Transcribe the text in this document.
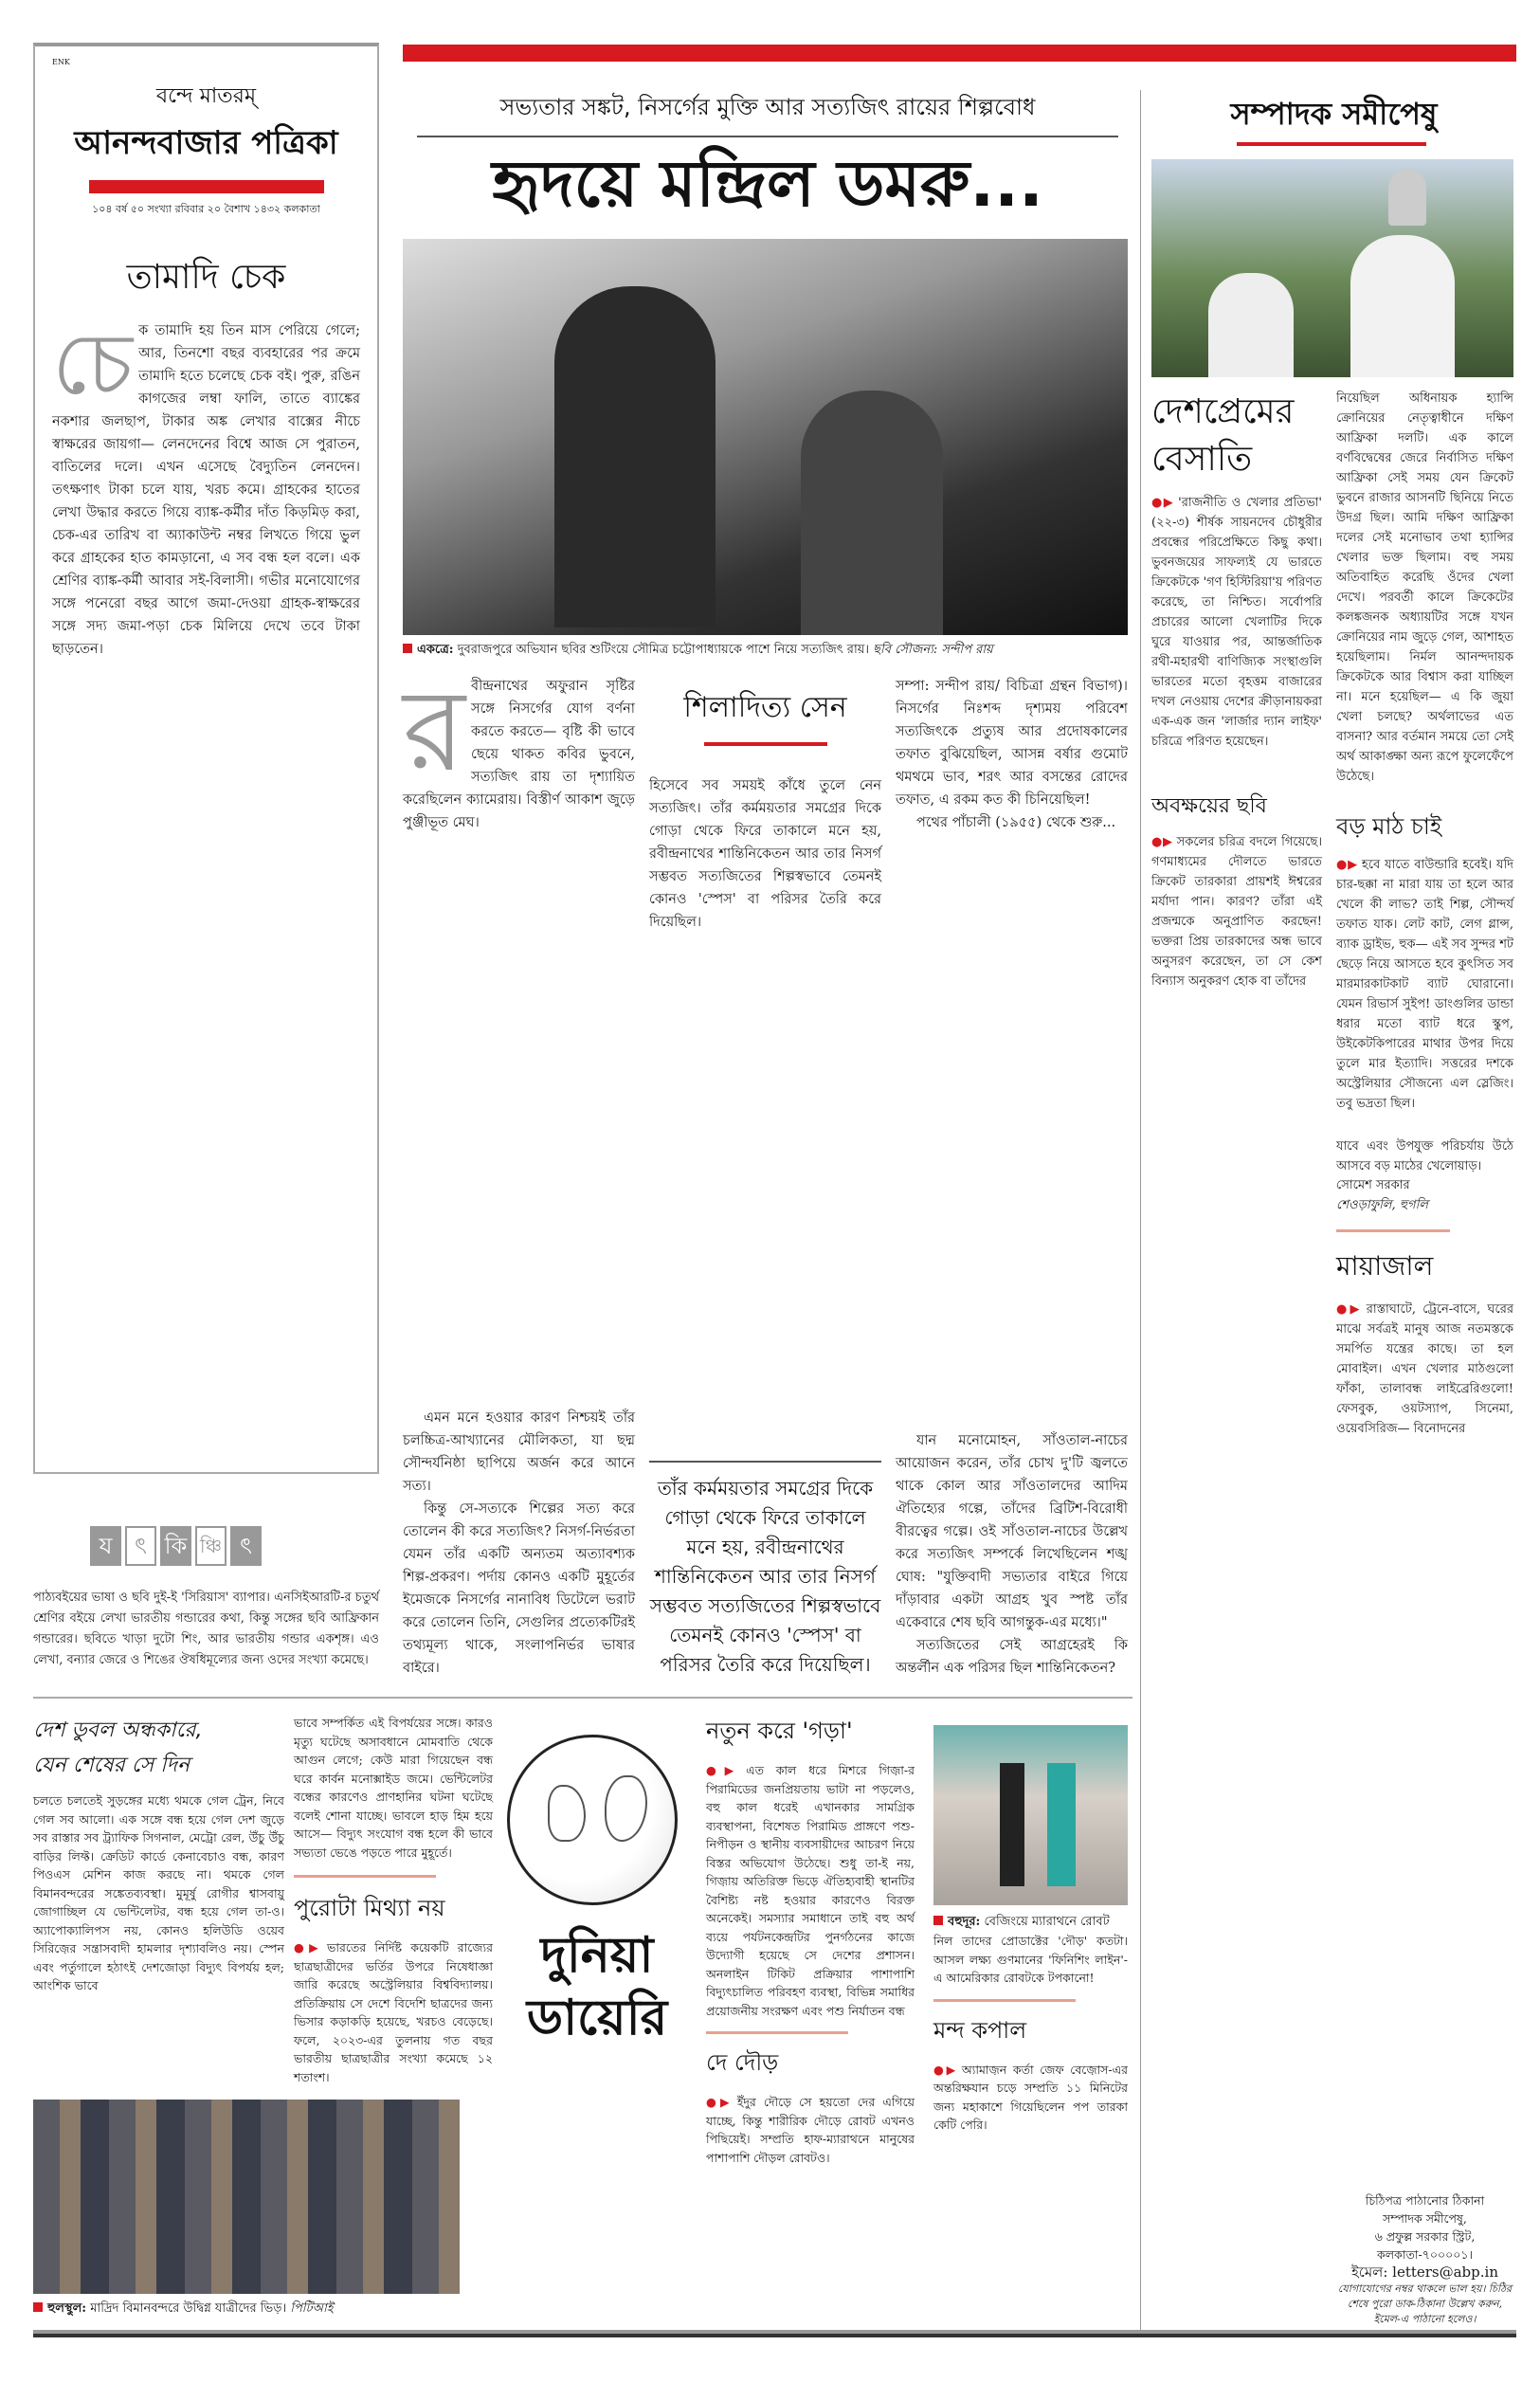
ENK
বন্দে মাতরম্
আনন্দবাজার পত্রিকা
১০৪ বর্ষ ৫০ সংখ্যা রবিবার ২০ বৈশাখ ১৪৩২ কলকাতা
তামাদি চেক
চে ক তামাদি হয় তিন মাস পেরিয়ে গেলে; আর, তিনশো বছর ব্যবহারের পর ক্রমে তামাদি হতে চলেছে চেক বই। পুরু, রঙিন কাগজের লম্বা ফালি, তাতে ব্যাঙ্কের নকশার জলছাপ, টাকার অঙ্ক লেখার বাক্সের নীচে স্বাক্ষরের জায়গা— লেনদেনের বিশ্বে আজ সে পুরাতন, বাতিলের দলে। এখন এসেছে বৈদ্যুতিন লেনদেন। তৎক্ষণাৎ টাকা চলে যায়, খরচ কমে। গ্রাহকের হাতের লেখা উদ্ধার করতে গিয়ে ব্যাঙ্ক-কর্মীর দাঁত কিড়মিড় করা, চেক-এর তারিখ বা অ্যাকাউন্ট নম্বর লিখতে গিয়ে ভুল করে গ্রাহকের হাত কামড়ানো, এ সব বন্ধ হল বলে। এক শ্রেণির ব্যাঙ্ক-কর্মী আবার সই-বিলাসী। গভীর মনোযোগের সঙ্গে পনেরো বছর আগে জমা-দেওয়া গ্রাহক-স্বাক্ষরের সঙ্গে সদ্য জমা-পড়া চেক মিলিয়ে দেখে তবে টাকা ছাড়তেন।
য ৎ কি ঞ্চি ৎ
পাঠ্যবইয়ের ভাষা ও ছবি দুই-ই 'সিরিয়াস' ব্যাপার। এনসিইআরটি-র চতুর্থ শ্রেণির বইয়ে লেখা ভারতীয় গন্ডারের কথা, কিন্তু সঙ্গের ছবি আফ্রিকান গন্ডারের। ছবিতে খাড়া দুটো শিং, আর ভারতীয় গন্ডার একশৃঙ্গ। এও লেখা, বন্যার জেরে ও শিঙের ঔষধিমূল্যের জন্য ওদের সংখ্যা কমেছে।
সভ্যতার সঙ্কট, নিসর্গের মুক্তি আর সত্যজিৎ রায়ের শিল্পবোধ
হৃদয়ে মন্দ্রিল ডমরু...
একত্রে: দুবরাজপুরে অভিযান ছবির শুটিংয়ে সৌমিত্র চট্টোপাধ্যায়কে পাশে নিয়ে সত্যজিৎ রায়। ছবি সৌজন্য: সন্দীপ রায়
র বীন্দ্রনাথের অফুরান সৃষ্টির সঙ্গে নিসর্গের যোগ বর্ণনা করতে করতে— বৃষ্টি কী ভাবে ছেয়ে থাকত কবির ভুবনে, সত্যজিৎ রায় তা দৃশ্যায়িত করেছিলেন ক্যামেরায়। বিস্তীর্ণ আকাশ জুড়ে পুঞ্জীভূত মেঘ।

এমন মনে হওয়ার কারণ নিশ্চয়ই তাঁর চলচ্চিত্র-আখ্যানের মৌলিকতা, যা ছদ্ম সৌন্দর্যনিষ্ঠা ছাপিয়ে অর্জন করে আনে সত্য।

কিন্তু সে-সত্যকে শিল্পের সত্য করে তোলেন কী করে সত্যজিৎ? নিসর্গ-নির্ভরতা যেমন তাঁর একটি অন্যতম অত্যাবশ্যক শিল্প-প্রকরণ। পর্দায় কোনও একটি মুহূর্তের ইমেজকে নিসর্গের নানাবিধ ডিটেলে ভরাট করে তোলেন তিনি, সেগুলির প্রত্যেকটিরই তথ্যমূল্য থাকে, সংলাপনির্ভর ভাষার বাইরে।

শিলাদিত্য সেন
হিসেবে সব সময়ই কাঁধে তুলে নেন সত্যজিৎ। তাঁর কর্মময়তার সমগ্রের দিকে গোড়া থেকে ফিরে তাকালে মনে হয়, রবীন্দ্রনাথের শান্তিনিকেতন আর তার নিসর্গ সম্ভবত সত্যজিতের শিল্পস্বভাবে তেমনই কোনও 'স্পেস' বা পরিসর তৈরি করে দিয়েছিল।
তাঁর কর্মময়তার সমগ্রের দিকে গোড়া থেকে ফিরে তাকালে মনে হয়, রবীন্দ্রনাথের শান্তিনিকেতন আর তার নিসর্গ সম্ভবত সত্যজিতের শিল্পস্বভাবে তেমনই কোনও 'স্পেস' বা পরিসর তৈরি করে দিয়েছিল।

সম্পা: সন্দীপ রায়/ বিচিত্রা গ্রন্থন বিভাগ)। নিসর্গের নিঃশব্দ দৃশ্যময় পরিবেশ সত্যজিৎকে প্রত্যুষ আর প্রদোষকালের তফাত বুঝিয়েছিল, আসন্ন বর্ষার গুমোট থমথমে ভাব, শরৎ আর বসন্তের রোদের তফাত, এ রকম কত কী চিনিয়েছিল!

পথের পাঁচালী (১৯৫৫) থেকে শুরু...

যান মনোমোহন, সাঁওতাল-নাচের আয়োজন করেন, তাঁর চোখ দু'টি জ্বলতে থাকে কোল আর সাঁওতালদের আদিম ঐতিহ্যের গল্পে, তাঁদের ব্রিটিশ-বিরোধী বীরত্বের গল্পে। ওই সাঁওতাল-নাচের উল্লেখ করে সত্যজিৎ সম্পর্কে লিখেছিলেন শঙ্খ ঘোষ: "যুক্তিবাদী সভ্যতার বাইরে গিয়ে দাঁড়াবার একটা আগ্রহ খুব স্পষ্ট তাঁর একেবারে শেষ ছবি আগন্তুক-এর মধ্যে।"

সত্যজিতের সেই আগ্রহেরই কি অন্তর্লীন এক পরিসর ছিল শান্তিনিকেতন?

সম্পাদক সমীপেষু
দেশপ্রেমের বেসাতি
●▶ 'রাজনীতি ও খেলার প্রতিভা' (২২-৩) শীর্ষক সায়নদেব চৌধুরীর প্রবন্ধের পরিপ্রেক্ষিতে কিছু কথা। ভুবনজয়ের সাফল্যই যে ভারতে ক্রিকেটকে 'গণ হিস্টিরিয়া'য় পরিণত করেছে, তা নিশ্চিত। সর্বোপরি প্রচারের আলো খেলাটির দিকে ঘুরে যাওয়ার পর, আন্তর্জাতিক রথী-মহারথী বাণিজ্যিক সংস্থাগুলি ভারতের মতো বৃহত্তম বাজারের দখল নেওয়ায় দেশের ক্রীড়ানায়করা এক-এক জন 'লার্জার দ্যান লাইফ' চরিত্রে পরিণত হয়েছেন।
অবক্ষয়ের ছবি
●▶ সকলের চরিত্র বদলে গিয়েছে। গণমাধ্যমের দৌলতে ভারতে ক্রিকেট তারকারা প্রায়শই ঈশ্বরের মর্যাদা পান। কারণ? তাঁরা এই প্রজন্মকে অনুপ্রাণিত করছেন! ভক্তরা প্রিয় তারকাদের অন্ধ ভাবে অনুসরণ করেছেন, তা সে কেশ বিন্যাস অনুকরণ হোক বা তাঁদের
নিয়েছিল অধিনায়ক হ্যান্সি ক্রোনিয়ের নেতৃত্বাধীনে দক্ষিণ আফ্রিকা দলটি। এক কালে বর্ণবিদ্বেষের জেরে নির্বাসিত দক্ষিণ আফ্রিকা সেই সময় যেন ক্রিকেট ভুবনে রাজার আসনটি ছিনিয়ে নিতে উদগ্র ছিল। আমি দক্ষিণ আফ্রিকা দলের সেই মনোভাব তথা হ্যান্সির খেলার ভক্ত ছিলাম। বহু সময় অতিবাহিত করেছি ওঁদের খেলা দেখে। পরবর্তী কালে ক্রিকেটের কলঙ্কজনক অধ্যায়টির সঙ্গে যখন ক্রোনিয়ের নাম জুড়ে গেল, আশাহত হয়েছিলাম। নির্মল আনন্দদায়ক ক্রিকেটকে আর বিশ্বাস করা যাচ্ছিল না। মনে হয়েছিল— এ কি জুয়া খেলা চলছে? অর্থলাভের এত বাসনা? আর বর্তমান সময়ে তো সেই অর্থ আকাঙ্ক্ষা অন্য রূপে ফুলেফেঁপে উঠেছে।
বড় মাঠ চাই
●▶ হবে যাতে বাউন্ডারি হবেই। যদি চার-ছক্কা না মারা যায় তা হলে আর খেলে কী লাভ? তাই শিল্প, সৌন্দর্য তফাত যাক। লেট কাট, লেগ গ্লান্স, ব্যাক ড্রাইভ, হুক— এই সব সুন্দর শট ছেড়ে নিয়ে আসতে হবে কুৎসিত সব মারমারকাটকাট ব্যাট ঘোরানো। যেমন রিভার্স সুইপ! ডাংগুলির ডান্ডা ধরার মতো ব্যাট ধরে স্কুপ, উইকেটকিপারের মাথার উপর দিয়ে তুলে মার ইত্যাদি। সত্তরের দশকে অস্ট্রেলিয়ার সৌজন্যে এল স্লেজিং। তবু ভদ্রতা ছিল।
যাবে এবং উপযুক্ত পরিচর্যায় উঠে আসবে বড় মাঠের খেলোয়াড়।
সোমেশ সরকার
শেওড়াফুলি, হুগলি
মায়াজাল
●▶ রাস্তাঘাটে, ট্রেনে-বাসে, ঘরের মাঝে সর্বত্রই মানুষ আজ নতমস্তকে সমর্পিত যন্ত্রের কাছে। তা হল মোবাইল। এখন খেলার মাঠগুলো ফাঁকা, তালাবন্ধ লাইব্রেরিগুলো! ফেসবুক, ওয়টস্যাপ, সিনেমা, ওয়েবসিরিজ— বিনোদনের
চিঠিপত্র পাঠানোর ঠিকানা
সম্পাদক সমীপেষু,
৬ প্রফুল্ল সরকার স্ট্রিট,
কলকাতা-৭০০০০১।
ইমেল: letters@abp.in
যোগাযোগের নম্বর থাকলে ভাল হয়। চিঠির শেষে পুরো ডাক-ঠিকানা উল্লেখ করুন, ইমেল-এ পাঠানো হলেও।
দেশ ডুবল অন্ধকারে,
যেন শেষের সে দিন
চলতে চলতেই সুড়ঙ্গের মধ্যে থমকে গেল ট্রেন, নিবে গেল সব আলো। এক সঙ্গে বন্ধ হয়ে গেল দেশ জুড়ে সব রাস্তার সব ট্র্যাফিক সিগনাল, মেট্রো রেল, উঁচু উঁচু বাড়ির লিফ্ট। ক্রেডিট কার্ডে কেনাবেচাও বন্ধ, কারণ পিওএস মেশিন কাজ করছে না। থমকে গেল বিমানবন্দরের সঙ্কেতব্যবস্থা। মুমূর্ষু রোগীর শ্বাসবায়ু জোগাচ্ছিল যে ভেন্টিলেটর, বন্ধ হয়ে গেল তা-ও। অ্যাপোক্যালিপস নয়, কোনও হলিউডি ওয়েব সিরিজ়ের সন্ত্রাসবাদী হামলার দৃশ্যাবলিও নয়। স্পেন এবং পর্তুগালে হঠাৎই দেশজোড়া বিদ্যুৎ বিপর্যয় হল; আংশিক ভাবে
ভাবে সম্পর্কিত এই বিপর্যয়ের সঙ্গে। কারও মৃত্যু ঘটেছে অসাবধানে মোমবাতি থেকে আগুন লেগে; কেউ মারা গিয়েছেন বন্ধ ঘরে কার্বন মনোক্সাইড জমে। ভেন্টিলেটর বন্ধের কারণেও প্রাণহানির ঘটনা ঘটেছে বলেই শোনা যাচ্ছে। ভাবলে হাড় হিম হয়ে আসে— বিদ্যুৎ সংযোগ বন্ধ হলে কী ভাবে সভ্যতা ভেঙে পড়তে পারে মুহূর্তে।
পুরোটা মিথ্যা নয়
●▶ ভারতের নির্দিষ্ট কয়েকটি রাজ্যের ছাত্রছাত্রীদের ভর্তির উপরে নিষেধাজ্ঞা জারি করেছে অস্ট্রেলিয়ার বিশ্ববিদ্যালয়। প্রতিক্রিয়ায় সে দেশে বিদেশি ছাত্রদের জন্য ভিসার কড়াকড়ি হয়েছে, খরচও বেড়েছে। ফলে, ২০২৩-এর তুলনায় গত বছর ভারতীয় ছাত্রছাত্রীর সংখ্যা কমেছে ১২ শতাংশ।
হুলস্থুল: মাদ্রিদ বিমানবন্দরে উদ্বিগ্ন যাত্রীদের ভিড়। পিটিআই
দুনিয়া
ডায়েরি
নতুন করে 'গড়া'
●▶ এত কাল ধরে মিশরে গিজ়া-র পিরামিডের জনপ্রিয়তায় ভাটা না পড়লেও, বহু কাল ধরেই এখানকার সামগ্রিক ব্যবস্থাপনা, বিশেষত পিরামিড প্রাঙ্গণে পশু-নিপীড়ন ও স্থানীয় ব্যবসায়ীদের আচরণ নিয়ে বিস্তর অভিযোগ উঠেছে। শুধু তা-ই নয়, গিজ়ায় অতিরিক্ত ভিড়ে ঐতিহ্যবাহী স্থানটির বৈশিষ্ট্য নষ্ট হওয়ার কারণেও বিরক্ত অনেকেই। সমস্যার সমাধানে তাই বহু অর্থ ব্যয়ে পর্যটনকেন্দ্রটির পুনর্গঠনের কাজে উদ্যোগী হয়েছে সে দেশের প্রশাসন। অনলাইন টিকিট প্রক্রিয়ার পাশাপাশি বিদ্যুৎচালিত পরিবহণ ব্যবস্থা, বিভিন্ন সমাধির প্রয়োজনীয় সংরক্ষণ এবং পশু নির্যাতন বন্ধ
দে দৌড়
●▶ ইঁদুর দৌড়ে সে হয়তো দের এগিয়ে যাচ্ছে, কিন্তু শারীরিক দৌড়ে রোবট এখনও পিছিয়েই। সম্প্রতি হাফ-ম্যারাথনে মানুষের পাশাপাশি দৌড়ল রোবটও।
বহুদূর: বেজিংয়ে ম্যারাথনে রোবট
নিল তাদের প্রোডাক্টের 'দৌড়' কতটা। আসল লক্ষ্য গুণমানের 'ফিনিশিং লাইন'-এ আমেরিকার রোবটকে টপকানো!
মন্দ কপাল
●▶ অ্যামাজ়ন কর্তা জেফ বেজ়োস-এর অন্তরিক্ষযান চড়ে সম্প্রতি ১১ মিনিটের জন্য মহাকাশে গিয়েছিলেন পপ তারকা কেটি পেরি।
